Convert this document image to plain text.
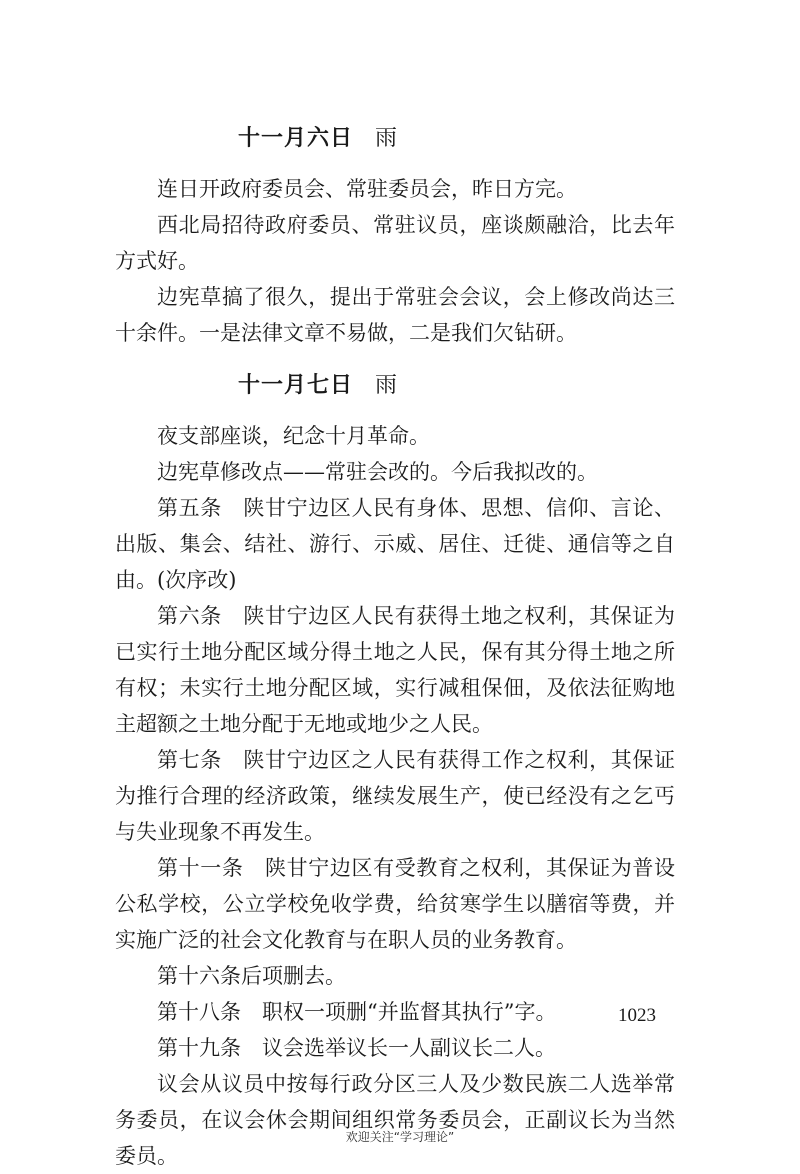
十一月六日 雨

连日开政府委员会、常驻委员会，昨日方完。

西北局招待政府委员、常驻议员，座谈颇融洽，比去年方式好。

边宪草搞了很久，提出于常驻会会议，会上修改尚达三十余件。一是法律文章不易做，二是我们欠钻研。

十一月七日 雨

夜支部座谈，纪念十月革命。

边宪草修改点——常驻会改的。今后我拟改的。

第五条　陕甘宁边区人民有身体、思想、信仰、言论、出版、集会、结社、游行、示威、居住、迁徙、通信等之自由。(次序改)

第六条　陕甘宁边区人民有获得土地之权利，其保证为已实行土地分配区域分得土地之人民，保有其分得土地之所有权；未实行土地分配区域，实行减租保佃，及依法征购地主超额之土地分配于无地或地少之人民。

第七条　陕甘宁边区之人民有获得工作之权利，其保证为推行合理的经济政策，继续发展生产，使已经没有之乞丐与失业现象不再发生。

第十一条　陕甘宁边区有受教育之权利，其保证为普设公私学校，公立学校免收学费，给贫寒学生以膳宿等费，并实施广泛的社会文化教育与在职人员的业务教育。

第十六条后项删去。

第十八条　职权一项删“并监督其执行”字。

第十九条　议会选举议长一人副议长二人。

议会从议员中按每行政分区三人及少数民族二人选举常务委员，在议会休会期间组织常务委员会，正副议长为当然委员。

1023
欢迎关注“学习理论”
